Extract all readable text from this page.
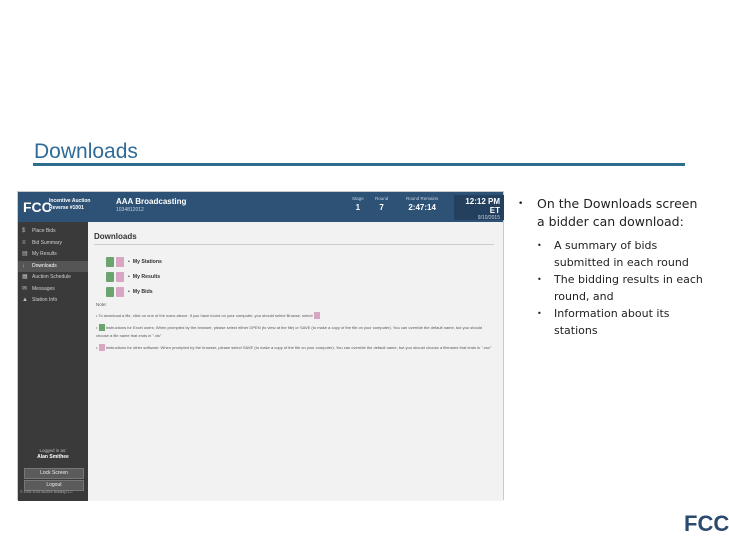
Downloads
FCC
Incentive Auction Reverse #1001
AAA Broadcasting
1034812012
Stage
1
Round
7
Round Remains
2:47:14
12:12 PM ET
9/10/2015
$ Place Bids
≡ Bid Summary
▤ My Results
↓ Downloads
▦ Auction Schedule
✉ Messages
▲ Station Info
Logged in as:
Alan Smithee
Lock Screen
Logout
© 1993-2015 Auction Bidding LLC
Downloads
• My Stations
• My Results
• My Bids
Note:
• To download a file, click on one of the icons above. If you have found on your computer, you should select Browse, select
•  Instructions for Excel users: When prompted by the browser, please select either OPEN (to view at the file) or SAVE (to make a copy of the file on your computer). You can override the default name, but you should choose a file name that ends in ".xls"
•  Instructions for other software: When prompted by the browser, please select SAVE (to make a copy of the file on your computer). You can override the default name, but you should choose a filename that ends in ".csv"
• On the Downloads screen a bidder can download:
• A summary of bids submitted in each round
• The bidding results in each round, and
• Information about its stations
FCC
